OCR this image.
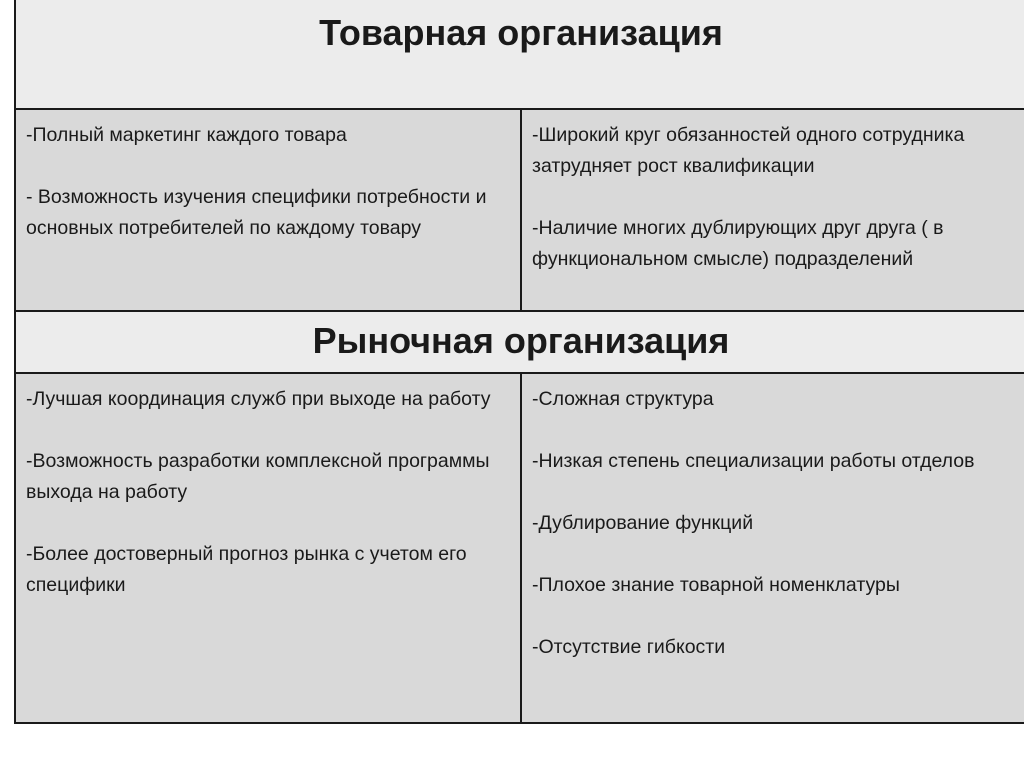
Товарная организация

-Полный маркетинг каждого товара

- Возможность изучения специфики потребности и основных потребителей по каждому товару

-Широкий круг обязанностей одного сотрудника затрудняет рост квалификации

-Наличие многих дублирующих друг друга ( в функциональном смысле) подразделений

Рыночная организация

-Лучшая координация служб при выходе на работу

-Возможность разработки комплексной программы выхода на работу

-Более достоверный прогноз рынка с учетом его специфики

-Сложная структура

-Низкая степень специализации работы отделов

-Дублирование функций

-Плохое знание товарной номенклатуры

-Отсутствие гибкости
